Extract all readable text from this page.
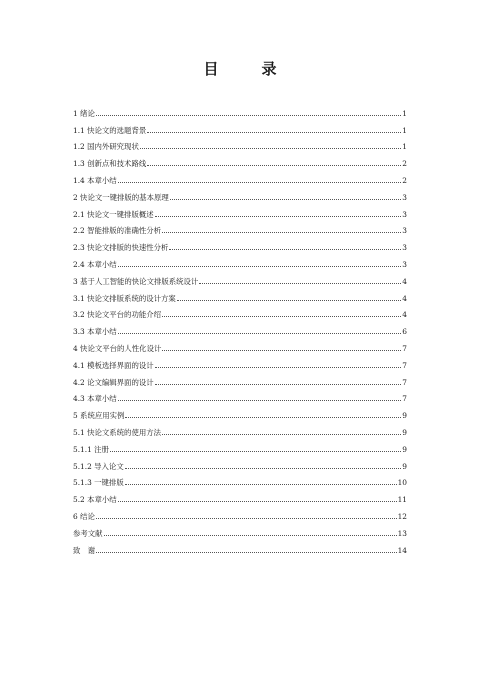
目　录
1 绪论	1
1.1 快论文的选题背景	1
1.2 国内外研究现状	1
1.3 创新点和技术路线	2
1.4 本章小结	2
2 快论文一键排版的基本原理	3
2.1 快论文一键排版概述	3
2.2 智能排版的准确性分析	3
2.3 快论文排版的快速性分析	3
2.4 本章小结	3
3 基于人工智能的快论文排版系统设计	4
3.1 快论文排版系统的设计方案	4
3.2 快论文平台的功能介绍	4
3.3 本章小结	6
4 快论文平台的人性化设计	7
4.1 模板选择界面的设计	7
4.2 论文编辑界面的设计	7
4.3 本章小结	7
5 系统应用实例	9
5.1 快论文系统的使用方法	9
5.1.1 注册	9
5.1.2 导入论文	9
5.1.3 一键排版	10
5.2 本章小结	11
6 结论	12
参考文献	13
致　谢	14
